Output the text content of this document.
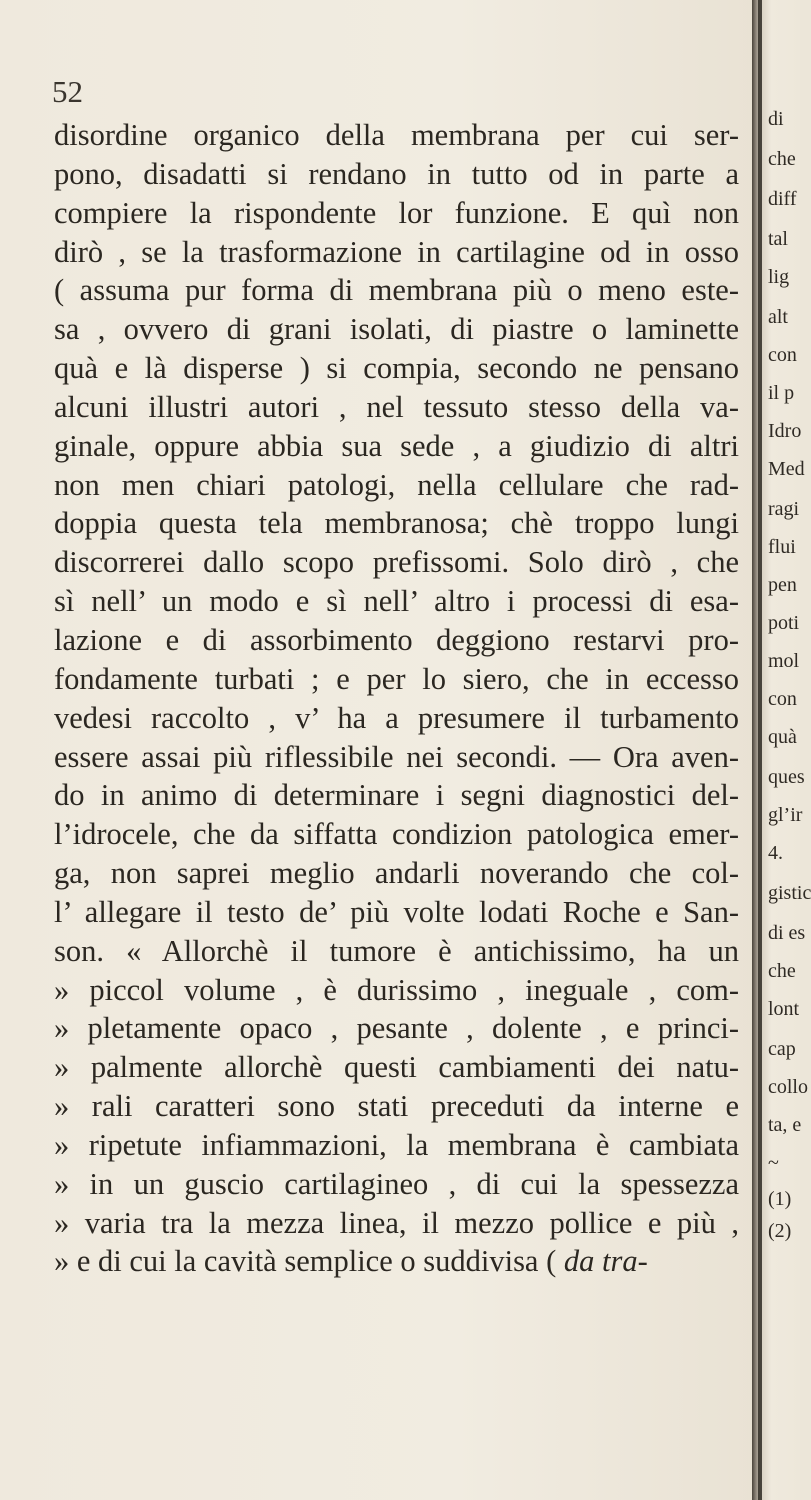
52
disordine organico della membrana per cui ser-
pono, disadatti si rendano in tutto od in parte a
compiere la rispondente lor funzione. E quì non
dirò , se la trasformazione in cartilagine od in osso
( assuma pur forma di membrana più o meno este-
sa , ovvero di grani isolati, di piastre o laminette
quà e là disperse ) si compia, secondo ne pensano
alcuni illustri autori , nel tessuto stesso della va-
ginale, oppure abbia sua sede , a giudizio di altri
non men chiari patologi, nella cellulare che rad-
doppia questa tela membranosa; chè troppo lungi
discorrerei dallo scopo prefissomi. Solo dirò , che
sì nell’ un modo e sì nell’ altro i processi di esa-
lazione e di assorbimento deggiono restarvi pro-
fondamente turbati ; e per lo siero, che in eccesso
vedesi raccolto , v’ ha a presumere il turbamento
essere assai più riflessibile nei secondi. — Ora aven-
do in animo di determinare i segni diagnostici del-
l’idrocele, che da siffatta condizion patologica emer-
ga, non saprei meglio andarli noverando che col-
l’ allegare il testo de’ più volte lodati Roche e San-
son. « Allorchè il tumore è antichissimo, ha un
» piccol volume , è durissimo , ineguale , com-
» pletamente opaco , pesante , dolente , e princi-
» palmente allorchè questi cambiamenti dei natu-
» rali caratteri sono stati preceduti da interne e
» ripetute infiammazioni, la membrana è cambiata
» in un guscio cartilagineo , di cui la spessezza
» varia tra la mezza linea, il mezzo pollice e più ,
» e di cui la cavità semplice o suddivisa ( da tra-
di
che
diff
tal
lig
alt
con
il p
Idro
Med
ragi
flui
pen
poti
mol
con
quà
ques
gl’ir
4.
gistic
di es
che
lont
cap
collo
ta, e
~
(1)
(2)
